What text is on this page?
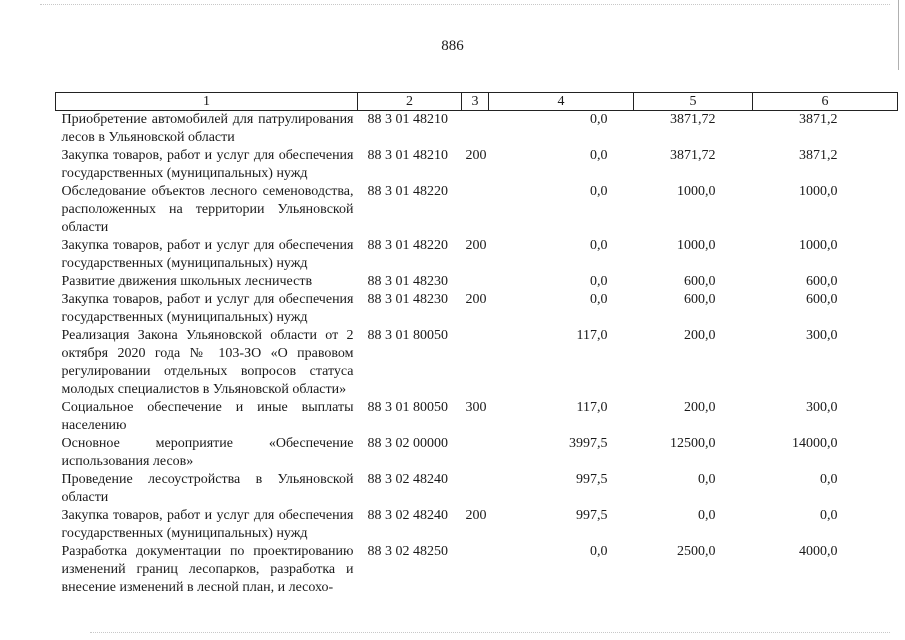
886
1	2	3	4	5	6
Приобретение автомобилей для патрулирования лесов в Ульяновской области	88 3 01 48210		0,0	3871,72	3871,2
Закупка товаров, работ и услуг для обеспечения государственных (муниципальных) нужд	88 3 01 48210	200	0,0	3871,72	3871,2
Обследование объектов лесного семеноводства, расположенных на территории Ульяновской области	88 3 01 48220		0,0	1000,0	1000,0
Закупка товаров, работ и услуг для обеспечения государственных (муниципальных) нужд	88 3 01 48220	200	0,0	1000,0	1000,0
Развитие движения школьных лесничеств	88 3 01 48230		0,0	600,0	600,0
Закупка товаров, работ и услуг для обеспечения государственных (муниципальных) нужд	88 3 01 48230	200	0,0	600,0	600,0
Реализация Закона Ульяновской области от 2 октября 2020 года № 103-ЗО «О правовом регулировании отдельных вопросов статуса молодых специалистов в Ульяновской области»	88 3 01 80050		117,0	200,0	300,0
Социальное обеспечение и иные выплаты населению	88 3 01 80050	300	117,0	200,0	300,0
Основное мероприятие «Обеспечение использования лесов»	88 3 02 00000		3997,5	12500,0	14000,0
Проведение лесоустройства в Ульяновской области	88 3 02 48240		997,5	0,0	0,0
Закупка товаров, работ и услуг для обеспечения государственных (муниципальных) нужд	88 3 02 48240	200	997,5	0,0	0,0
Разработка документации по проектированию изменений границ лесопарков, разработка и внесение изменений в лесной план, и лесохо-	88 3 02 48250		0,0	2500,0	4000,0
